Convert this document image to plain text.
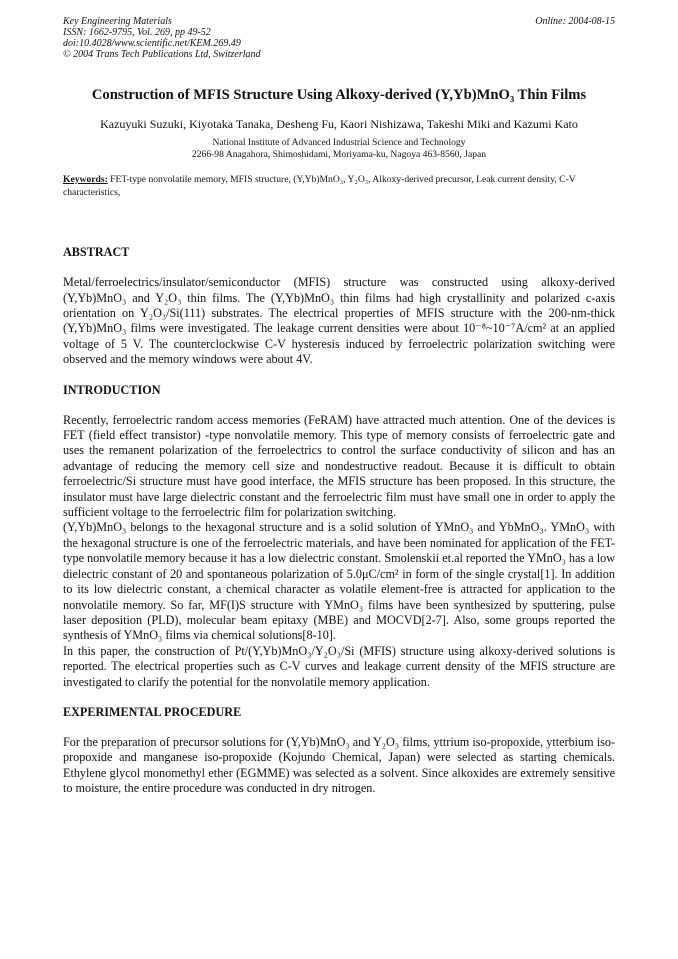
Key Engineering Materials
ISSN: 1662-9795, Vol. 269, pp 49-52
doi:10.4028/www.scientific.net/KEM.269.49
© 2004 Trans Tech Publications Ltd, Switzerland
Online: 2004-08-15
Construction of MFIS Structure Using Alkoxy-derived (Y,Yb)MnO₃ Thin Films
Kazuyuki Suzuki, Kiyotaka Tanaka, Desheng Fu, Kaori Nishizawa, Takeshi Miki and Kazumi Kato
National Institute of Advanced Industrial Science and Technology
2266-98 Anagahora, Shimoshidami, Moriyama-ku, Nagoya 463-8560, Japan
Keywords: FET-type nonvolatile memory, MFIS structure, (Y,Yb)MnO₃, Y₂O₃, Alkoxy-derived precursor, Leak current density, C-V characteristics,
ABSTRACT

Metal/ferroelectrics/insulator/semiconductor (MFIS) structure was constructed using alkoxy-derived (Y,Yb)MnO₃ and Y₂O₃ thin films. The (Y,Yb)MnO₃ thin films had high crystallinity and polarized c-axis orientation on Y₂O₃/Si(111) substrates. The electrical properties of MFIS structure with the 200-nm-thick (Y,Yb)MnO₃ films were investigated. The leakage current densities were about 10⁻⁸~10⁻⁷A/cm² at an applied voltage of 5 V. The counterclockwise C-V hysteresis induced by ferroelectric polarization switching were observed and the memory windows were about 4V.

INTRODUCTION

Recently, ferroelectric random access memories (FeRAM) have attracted much attention. One of the devices is FET (field effect transistor) -type nonvolatile memory. This type of memory consists of ferroelectric gate and uses the remanent polarization of the ferroelectrics to control the surface conductivity of silicon and has an advantage of reducing the memory cell size and nondestructive readout. Because it is difficult to obtain ferroelectric/Si structure must have good interface, the MFIS structure has been proposed. In this structure, the insulator must have large dielectric constant and the ferroelectric film must have small one in order to apply the sufficient voltage to the ferroelectric film for polarization switching.

(Y,Yb)MnO₃ belongs to the hexagonal structure and is a solid solution of YMnO₃ and YbMnO₃. YMnO₃ with the hexagonal structure is one of the ferroelectric materials, and have been nominated for application of the FET-type nonvolatile memory because it has a low dielectric constant. Smolenskii et.al reported the YMnO₃ has a low dielectric constant of 20 and spontaneous polarization of 5.0μC/cm² in form of the single crystal[1]. In addition to its low dielectric constant, a chemical character as volatile element-free is attracted for application to the nonvolatile memory. So far, MF(I)S structure with YMnO₃ films have been synthesized by sputtering, pulse laser deposition (PLD), molecular beam epitaxy (MBE) and MOCVD[2-7]. Also, some groups reported the synthesis of YMnO₃ films via chemical solutions[8-10].

In this paper, the construction of Pt/(Y,Yb)MnO₃/Y₂O₃/Si (MFIS) structure using alkoxy-derived solutions is reported. The electrical properties such as C-V curves and leakage current density of the MFIS structure are investigated to clarify the potential for the nonvolatile memory application.

EXPERIMENTAL PROCEDURE

For the preparation of precursor solutions for (Y,Yb)MnO₃ and Y₂O₃ films, yttrium iso-propoxide, ytterbium iso-propoxide and manganese iso-propoxide (Kojundo Chemical, Japan) were selected as starting chemicals. Ethylene glycol monomethyl ether (EGMME) was selected as a solvent. Since alkoxides are extremely sensitive to moisture, the entire procedure was conducted in dry nitrogen.
